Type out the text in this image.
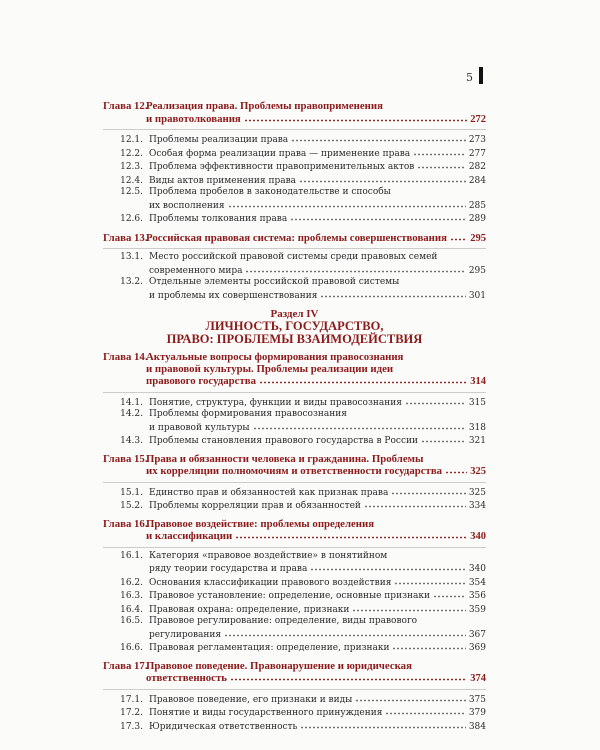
5
Глава 12.Реализация права. Проблемы правоприменения
и правотолкования	272
12.1. Проблемы реализации права	273
12.2. Особая форма реализации права — применение права	277
12.3. Проблема эффективности правоприменительных актов	282
12.4. Виды актов применения права	284
12.5. Проблема пробелов в законодательстве и способы
их восполнения	285
12.6. Проблемы толкования права	289
Глава 13.Российская правовая система: проблемы совершенствования 295
13.1. Место российской правовой системы среди правовых семей
современного мира	295
13.2. Отдельные элементы российской правовой системы
и проблемы их совершенствования	301
Раздел IV
ЛИЧНОСТЬ, ГОСУДАРСТВО,
ПРАВО: ПРОБЛЕМЫ ВЗАИМОДЕЙСТВИЯ
Глава 14.Актуальные вопросы формирования правосознания
и правовой культуры. Проблемы реализации идеи
правового государства	314
14.1. Понятие, структура, функции и виды правосознания	315
14.2. Проблемы формирования правосознания
и правовой культуры	318
14.3. Проблемы становления правового государства в России	321
Глава 15.Права и обязанности человека и гражданина. Проблемы
их корреляции полномочиям и ответственности государства	325
15.1. Единство прав и обязанностей как признак права	325
15.2. Проблемы корреляции прав и обязанностей	334
Глава 16.Правовое воздействие: проблемы определения
и классификации	340
16.1. Категория «правовое воздействие» в понятийном
ряду теории государства и права	340
16.2. Основания классификации правового воздействия	354
16.3. Правовое установление: определение, основные признаки	356
16.4. Правовая охрана: определение, признаки	359
16.5. Правовое регулирование: определение, виды правового
регулирования	367
16.6. Правовая регламентация: определение, признаки	369
Глава 17.Правовое поведение. Правонарушение и юридическая
ответственность	374
17.1. Правовое поведение, его признаки и виды	375
17.2. Понятие и виды государственного принуждения	379
17.3. Юридическая ответственность	384
